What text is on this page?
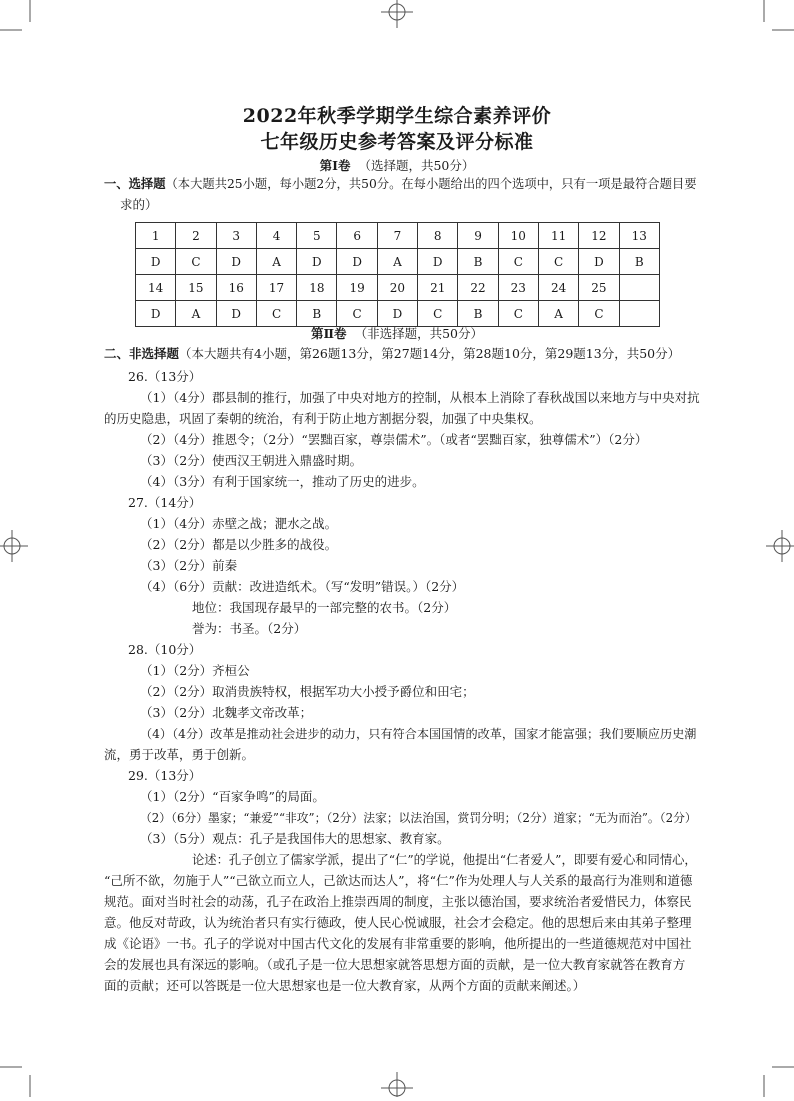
2022年秋季学期学生综合素养评价
七年级历史参考答案及评分标准
第Ⅰ卷 （选择题，共50分）
一、选择题（本大题共25小题，每小题2分，共50分。在每小题给出的四个选项中，只有一项是最符合题目要
求的）
1	2	3	4	5	6	7	8	9	10	11	12	13
D	C	D	A	D	D	A	D	B	C	C	D	B
14	15	16	17	18	19	20	21	22	23	24	25	
D	A	D	C	B	C	D	C	B	C	A	C	
第Ⅱ卷 （非选择题，共50分）
二、非选择题（本大题共有4小题，第26题13分，第27题14分，第28题10分，第29题13分，共50分）
26.（13分）
（1）（4分）郡县制的推行，加强了中央对地方的控制，从根本上消除了春秋战国以来地方与中央对抗
的历史隐患，巩固了秦朝的统治，有利于防止地方割据分裂，加强了中央集权。
（2）（4分）推恩令；（2分）“罢黜百家，尊崇儒术”。（或者“罢黜百家，独尊儒术”）（2分）
（3）（2分）使西汉王朝进入鼎盛时期。
（4）（3分）有利于国家统一，推动了历史的进步。
27.（14分）
（1）（4分）赤壁之战；淝水之战。
（2）（2分）都是以少胜多的战役。
（3）（2分）前秦
（4）（6分）贡献：改进造纸术。（写“发明”错误。）（2分）
地位：我国现存最早的一部完整的农书。（2分）
誉为：书圣。（2分）
28.（10分）
（1）（2分）齐桓公
（2）（2分）取消贵族特权，根据军功大小授予爵位和田宅；
（3）（2分）北魏孝文帝改革；
（4）（4分）改革是推动社会进步的动力，只有符合本国国情的改革，国家才能富强；我们要顺应历史潮
流，勇于改革，勇于创新。
29.（13分）
（1）（2分）“百家争鸣”的局面。
（2）（6分）墨家；“兼爱”“非攻”；（2分）法家；以法治国，赏罚分明；（2分）道家；“无为而治”。（2分）
（3）（5分）观点：孔子是我国伟大的思想家、教育家。
论述：孔子创立了儒家学派，提出了“仁”的学说，他提出“仁者爱人”，即要有爱心和同情心，
“己所不欲，勿施于人”“己欲立而立人，己欲达而达人”，将“仁”作为处理人与人关系的最高行为准则和道德
规范。面对当时社会的动荡，孔子在政治上推崇西周的制度，主张以德治国，要求统治者爱惜民力，体察民
意。他反对苛政，认为统治者只有实行德政，使人民心悦诚服，社会才会稳定。他的思想后来由其弟子整理
成《论语》一书。孔子的学说对中国古代文化的发展有非常重要的影响，他所提出的一些道德规范对中国社
会的发展也具有深远的影响。（或孔子是一位大思想家就答思想方面的贡献，是一位大教育家就答在教育方
面的贡献；还可以答既是一位大思想家也是一位大教育家，从两个方面的贡献来阐述。）
